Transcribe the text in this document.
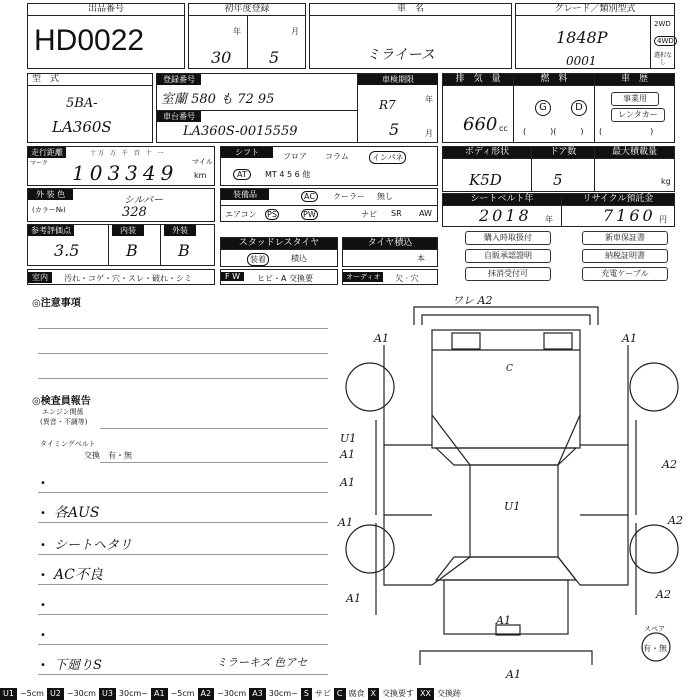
出品番号
HD0022
初年度登録
年	月
30 5
車　名
ミライース
グレード／類別型式
1848P
0001
2WD
4WD
選択なし
型　式
5BA-
LA360S
登録番号
室蘭 580 も 72 95
車台番号
LA360S-0015559
車検期限
年
月
R7
5
排　気　量	燃　料	車　歴
660 cc
G	D
(　　　)(　　　)
事業用
レンタカー
(　　　　　　)
走行距離
マーク
十万 万 千 百 十 一
103349 マイル
km
シフト	フロア コラム	インパネ
AT	MT 4 5 6 他
ボディ形状	ドア数	最大積載量
K5D	5	kg
外 装 色
(カラー№)
シルバー
328
装備品	AC	クーラー 無し
エアコン PS	PW	ナビ SR AW
シートベルト年	リサイクル預託金
2018 年	7160 円
参考評価点	内装	外装
3.5	B	B	スタッドレスタイヤ
装着	積込
タイヤ積込
本
購入時取扱付	新車保証書
自販承認證明	納税証明書
抹消受付可	充電ケーブル
室内	汚れ・コゲ・穴・スレ・破れ・シミ	F W	ヒビ・A 交換要	オーディオ	欠 · 穴
◎注意事項
◎検査員報告
エンジン関係
(異音・不調等)
タイミングベルト
交換　有・無
•
• 各AUS
• シートヘタリ
• AC不良
•
•
• 下廻りS	ミラーキズ 色アセ
ワレ A2
C
U1
A1	A1
U1
A1
A1
A1
A1
A2
A2
A2
A1
A1
スペア
有・無
U1 ~5cm U2 ~30cm U3 30cm~ A1 ~5cm A2 ~30cm A3 30cm~ S サビ C 腐食 X 交換要す XX 交換跡
